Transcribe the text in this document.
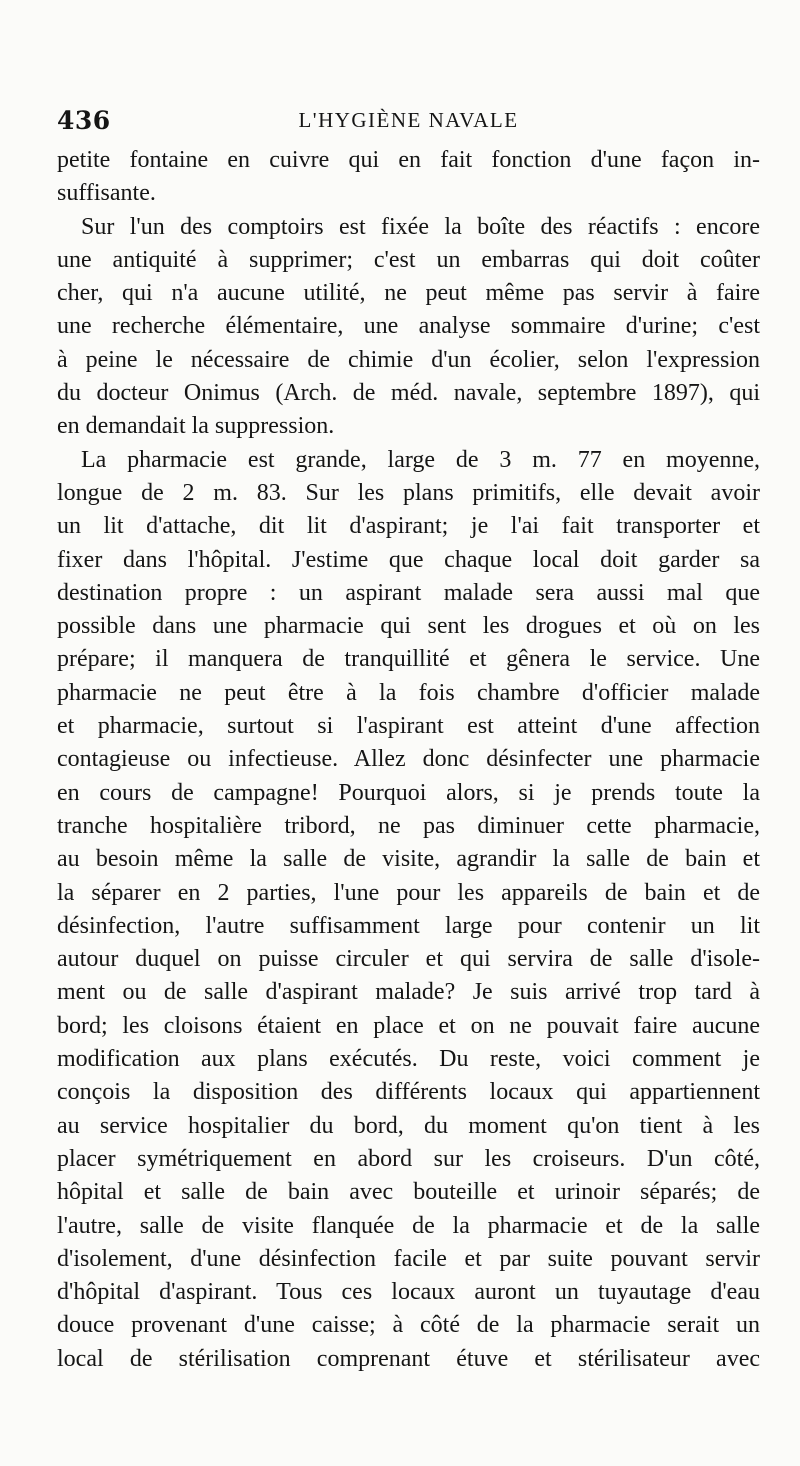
436	L'HYGIÈNE NAVALE
petite fontaine en cuivre qui en fait fonction d'une façon in-
suffisante.
Sur l'un des comptoirs est fixée la boîte des réactifs : encore
une antiquité à supprimer; c'est un embarras qui doit coûter
cher, qui n'a aucune utilité, ne peut même pas servir à faire
une recherche élémentaire, une analyse sommaire d'urine; c'est
à peine le nécessaire de chimie d'un écolier, selon l'expression
du docteur Onimus (Arch. de méd. navale, septembre 1897), qui
en demandait la suppression.
La pharmacie est grande, large de 3 m. 77 en moyenne,
longue de 2 m. 83. Sur les plans primitifs, elle devait avoir
un lit d'attache, dit lit d'aspirant; je l'ai fait transporter et
fixer dans l'hôpital. J'estime que chaque local doit garder sa
destination propre : un aspirant malade sera aussi mal que
possible dans une pharmacie qui sent les drogues et où on les
prépare; il manquera de tranquillité et gênera le service. Une
pharmacie ne peut être à la fois chambre d'officier malade
et pharmacie, surtout si l'aspirant est atteint d'une affection
contagieuse ou infectieuse. Allez donc désinfecter une pharmacie
en cours de campagne! Pourquoi alors, si je prends toute la
tranche hospitalière tribord, ne pas diminuer cette pharmacie,
au besoin même la salle de visite, agrandir la salle de bain et
la séparer en 2 parties, l'une pour les appareils de bain et de
désinfection, l'autre suffisamment large pour contenir un lit
autour duquel on puisse circuler et qui servira de salle d'isole-
ment ou de salle d'aspirant malade? Je suis arrivé trop tard à
bord; les cloisons étaient en place et on ne pouvait faire aucune
modification aux plans exécutés. Du reste, voici comment je
conçois la disposition des différents locaux qui appartiennent
au service hospitalier du bord, du moment qu'on tient à les
placer symétriquement en abord sur les croiseurs. D'un côté,
hôpital et salle de bain avec bouteille et urinoir séparés; de
l'autre, salle de visite flanquée de la pharmacie et de la salle
d'isolement, d'une désinfection facile et par suite pouvant servir
d'hôpital d'aspirant. Tous ces locaux auront un tuyautage d'eau
douce provenant d'une caisse; à côté de la pharmacie serait un
local de stérilisation comprenant étuve et stérilisateur avec
